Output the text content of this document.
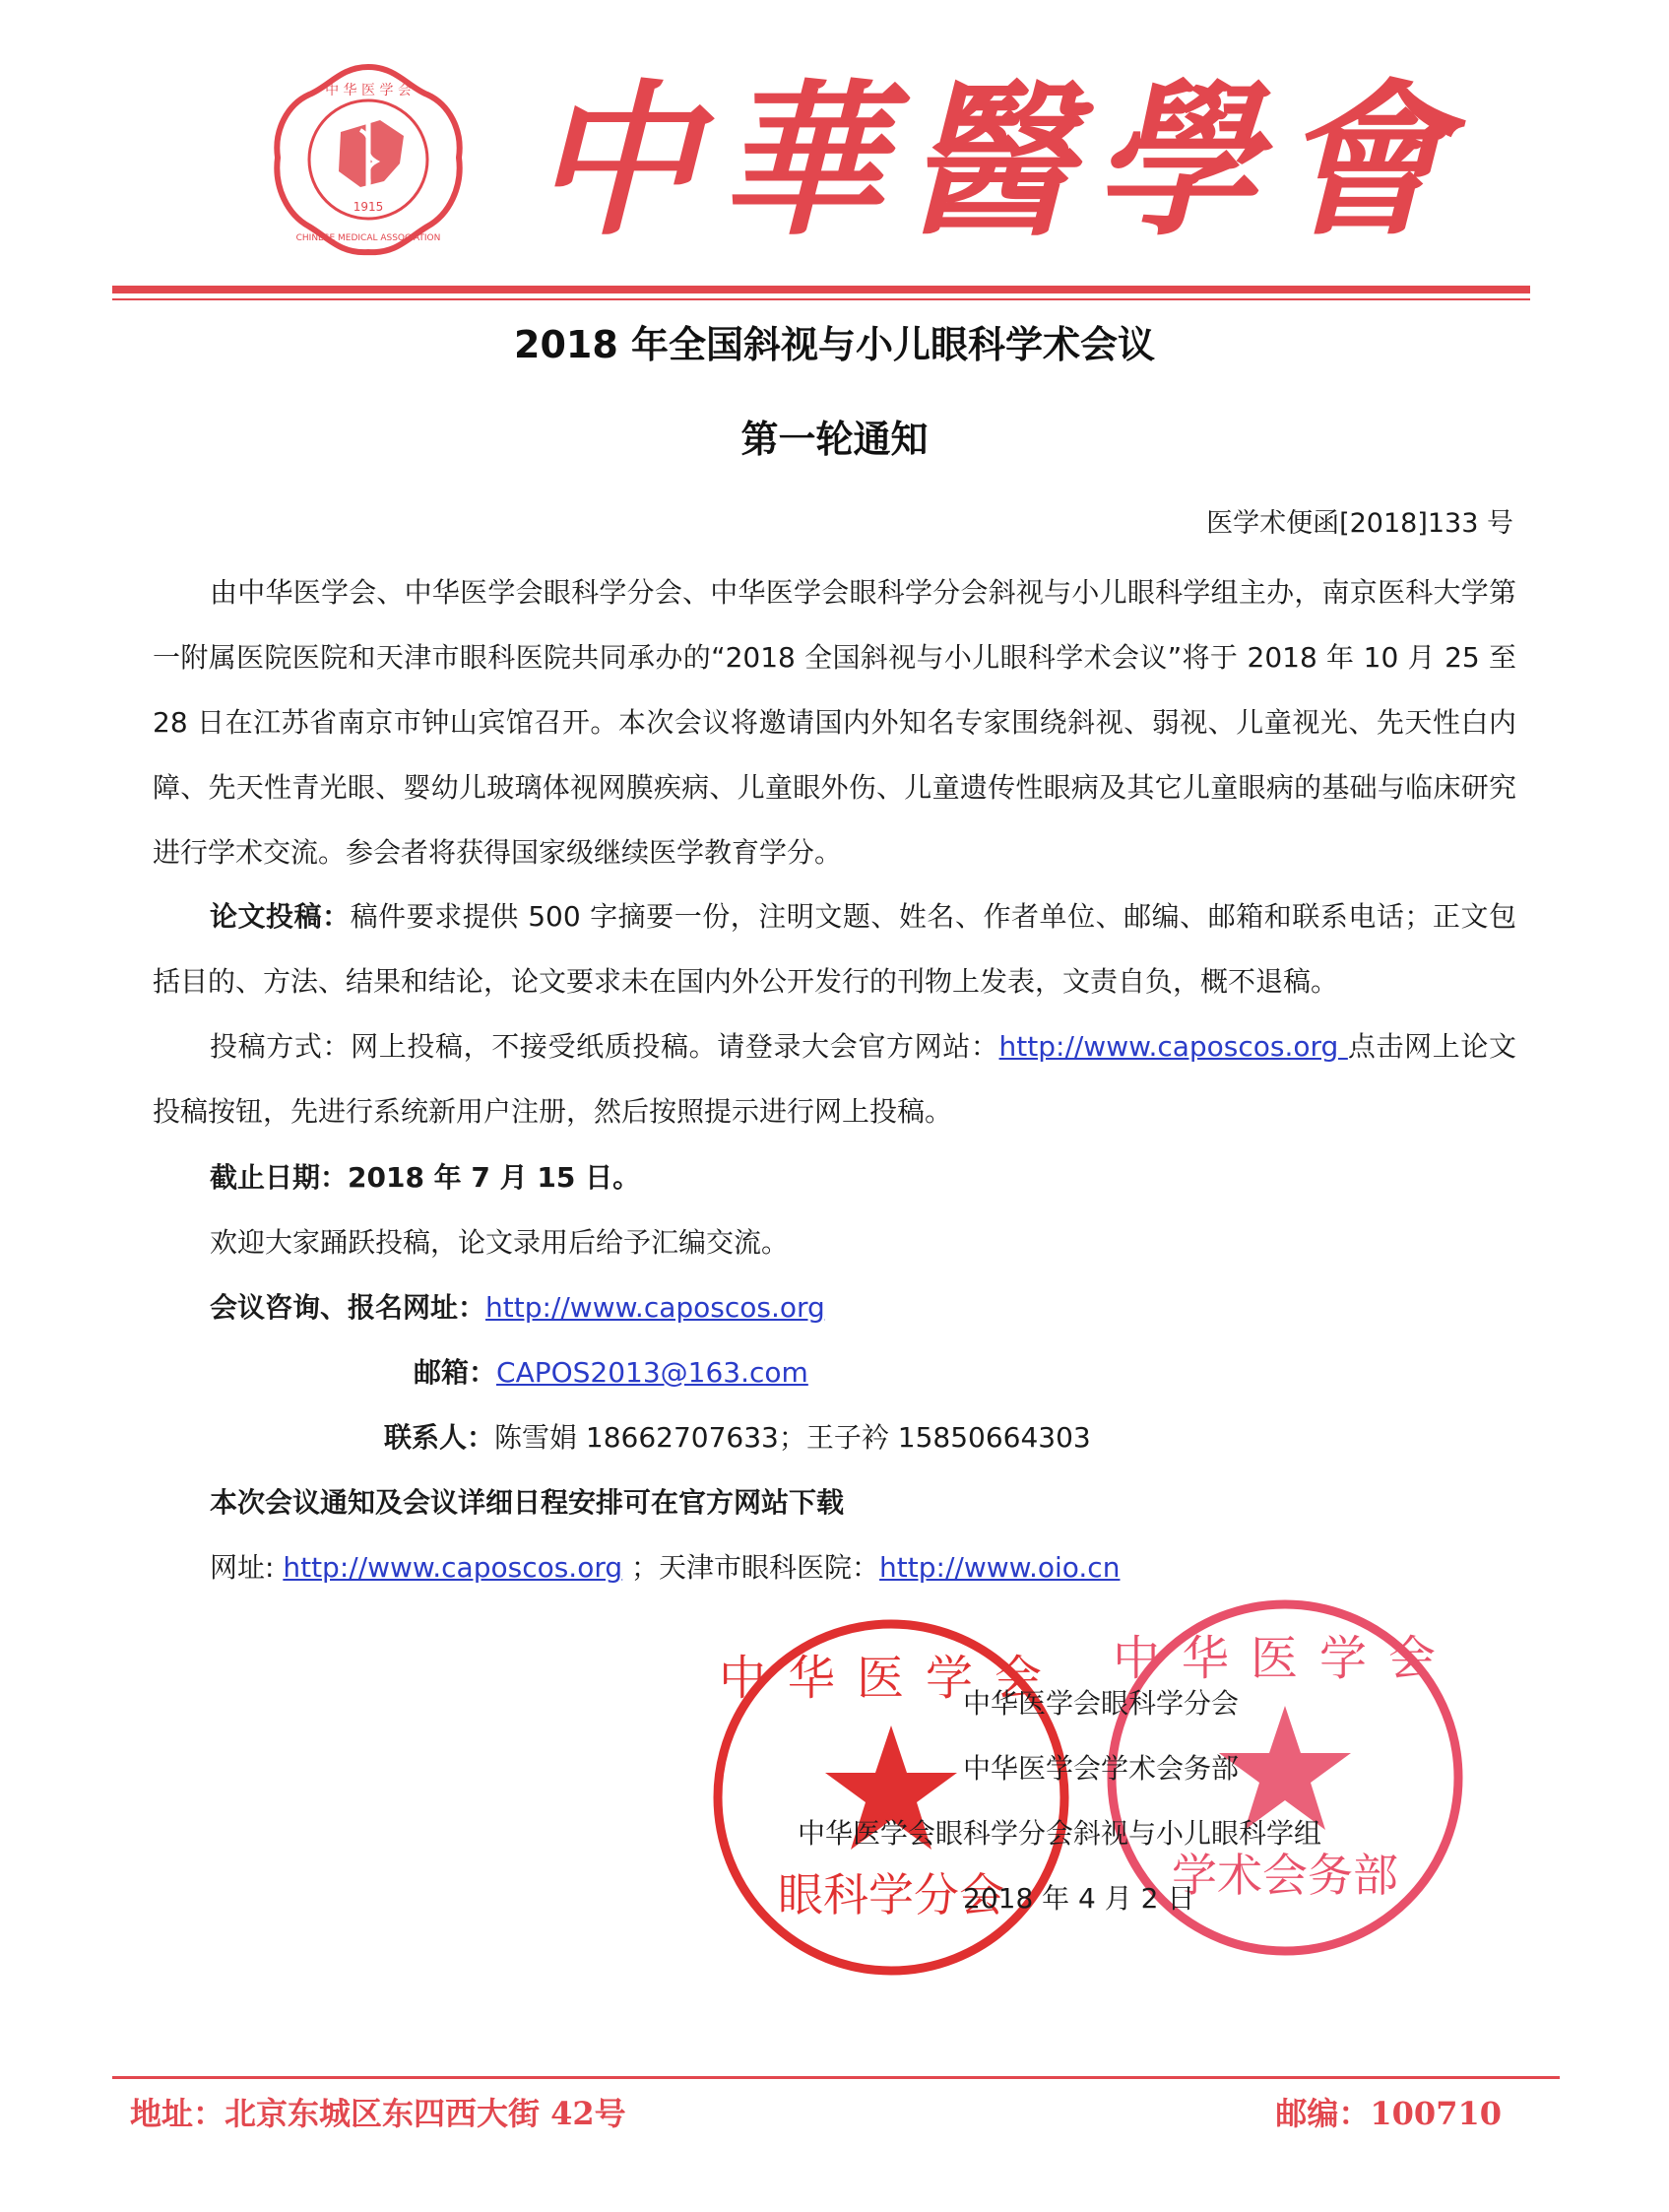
1915
中 华 医 学 会
CHINESE MEDICAL ASSOCIATION 中華醫學會
2018 年全国斜视与小儿眼科学术会议
第一轮通知
医学术便函[2018]133 号

由中华医学会、中华医学会眼科学分会、中华医学会眼科学分会斜视与小儿眼科学组主办，南京医科大学第一附属医院医院和天津市眼科医院共同承办的“2018 全国斜视与小儿眼科学术会议”将于 2018 年 10 月 25 至 28 日在江苏省南京市钟山宾馆召开。本次会议将邀请国内外知名专家围绕斜视、弱视、儿童视光、先天性白内障、先天性青光眼、婴幼儿玻璃体视网膜疾病、儿童眼外伤、儿童遗传性眼病及其它儿童眼病的基础与临床研究进行学术交流。参会者将获得国家级继续医学教育学分。

论文投稿：稿件要求提供 500 字摘要一份，注明文题、姓名、作者单位、邮编、邮箱和联系电话；正文包括目的、方法、结果和结论，论文要求未在国内外公开发行的刊物上发表，文责自负，概不退稿。

投稿方式：网上投稿，不接受纸质投稿。请登录大会官方网站：http://www.caposcos.org 点击网上论文投稿按钮，先进行系统新用户注册，然后按照提示进行网上投稿。

截止日期：2018 年 7 月 15 日。
欢迎大家踊跃投稿，论文录用后给予汇编交流。
会议咨询、报名网址：http://www.caposcos.org
邮箱：CAPOS2013@163.com
联系人：陈雪娟 18662707633；王子衿 15850664303
本次会议通知及会议详细日程安排可在官方网站下载
网址: http://www.caposcos.org ；天津市眼科医院：http://www.oio.cn
中华医学会
眼科学分会
中华医学会
学术会务部
中华医学会眼科学分会
中华医学会学术会务部
中华医学会眼科学分会斜视与小儿眼科学组
2018 年 4 月 2 日
地址：北京东城区东四西大街 42号	邮编：100710
